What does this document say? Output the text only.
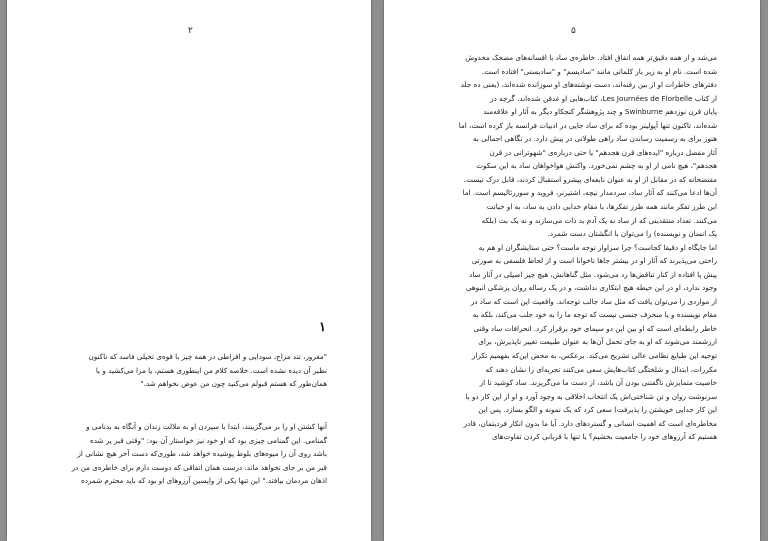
٢
۱
"مغرور، تند مزاج، سودایی و افراطی در همه چیز با قوه‌ی تخیلی فاسد که ناکنون
نظیر آن دیده نشده است. خلاصه کلام من اینطوری هستم، یا مرا می‌کشید و یا
همان‌طور که هستم قبولم می‌کنید چون من عوض نخواهم شد."
آنها کشتن او را بر می‌گزینند، ابتدا با سپردن او به ملالت زندان و آنگاه به بدنامی و
گمنامی. این گمنامی چیزی بود که او خود نیز خواستار آن بود: "وقتی قبر پر شده
باشد روی آن را میوه‌های بلوط پوشیده خواهد شد، طوری‌که دست آخر هیچ نشانی از
قبر من بر جای نخواهد ماند، درست همان اتفاقی که دوست دارم برای خاطره‌ی من در
اذهان مردمان بیافتد." این تنها یکی از واپسین آرزوهای او بود که باید محترم شمرده
۵
می‌شد و از همه دقیق‌تر همه اتفاق افتاد. خاطره‌ی ساد با افسانه‌های مضحک مخدوش
شده است. نام او به زیر بار کلماتی مانند "سادیسم" و "سادیستی" افتاده است.
دفترهای خاطرات او از بین رفته‌اند، دست نوشته‌های او سوزانده شده‌اند، (یعنی ده جلد
از کتاب Les Journées de Florbelle، کتاب‌هایی او غدقن شده‌اند. گرچه در
پایان قرن نوزدهم Swinburne و چند پژوهشگر کنجکاو دیگر به آثار او علاقه‌مند
شده‌اند، تاکنون تنها آپولینر بوده که برای ساد جایی در ادبیات فرانسه باز کرده است، اما
هنوز برای به رسمیت رساندن ساد راهی طولانی در پیش دارد. در نگاهی اجمالی به
آثار مفصل درباره "ایده‌های قرن هجدهم" یا حتی درباره‌ی "شهوترانی در قرن
هجدهم"، هیچ نامی از او به چشم نمی‌خورد. واکنش هواخواهان ساد به این سکوت
مفتضحانه که در مقابل از او به عنوان نابغه‌ای پیشرو استقبال کردند، قابل درک نیست.
آن‌ها ادعا می‌کنند که آثار ساد، سردمدار نیچه، اشتیرنر، فروید و سوررئالیسم است. اما
این طرز تفکر مانند همه طرز تفکرها، با مقام خدایی دادن به ساد، به او خیانت
می‌کنند. تعداد منتقدینی که از ساد نه یک آدم بد ذات می‌سازند و نه یک بت (بلکه
یک انسان و نویسنده) را می‌توان با انگشتان دست شمرد.
اما جایگاه او دقیقا کجاست؟ چرا سزاوار توجه ماست؟ حتی ستایشگران او هم به
راحتی می‌پذیرند که آثار او در بیشتر جاها ناخوانا است و از لحاظ فلسفی به صورتی
پیش پا افتاده از کنار تناقض‌ها رد می‌شود. مثل گناهانش، هیچ چیز اصیلی در آثار ساد
وجود ندارد، او در این حیطه هیچ ابتکاری نداشت، و در یک رساله روان پزشکی انبوهی
از مواردی را می‌توان یافت که مثل ساد جالب توجه‌اند. واقعیت این است که ساد در
مقام نویسنده و یا منحرف جنسی نیست که توجه ما را به خود جلب می‌کند، بلکه به
خاطر رابطه‌ای است که او بین این دو سیمای خود برقرار کرد. انحرافات ساد وقتی
ارزشمند می‌شوند که او به جای تحمل آن‌ها به عنوان طبیعت تغییر ناپذیرش، برای
توجیه این طبایع نظامی عالی تشریح می‌کند. برعکس، به محض این‌که بفهمیم تکرار
مکررات، ابتذال و شلختگی کتاب‌هایش سعی می‌کنند تجربه‌ای را نشان دهند که
خاصیت متمایزش ناگفتنی بودن آن باشد، از دست ما می‌گریزند. ساد کوشید تا از
سرنوشت روان و تن شناختی‌اش یک انتخاب اخلاقی به وجود آورد و او از این کار دو با
این کار جدایی خویشتن را پذیرفت) سعی کرد که یک نمونه و الگو بسازد. پس این
مخاطره‌ای است که اهمیت انسانی و گستردهای دارد. آیا ما بدون انکار فردیتمان، قادر
هستیم که آرزوهای خود را جامعیت بخشیم؟ یا تنها با قربانی کردن تفاوت‌های
